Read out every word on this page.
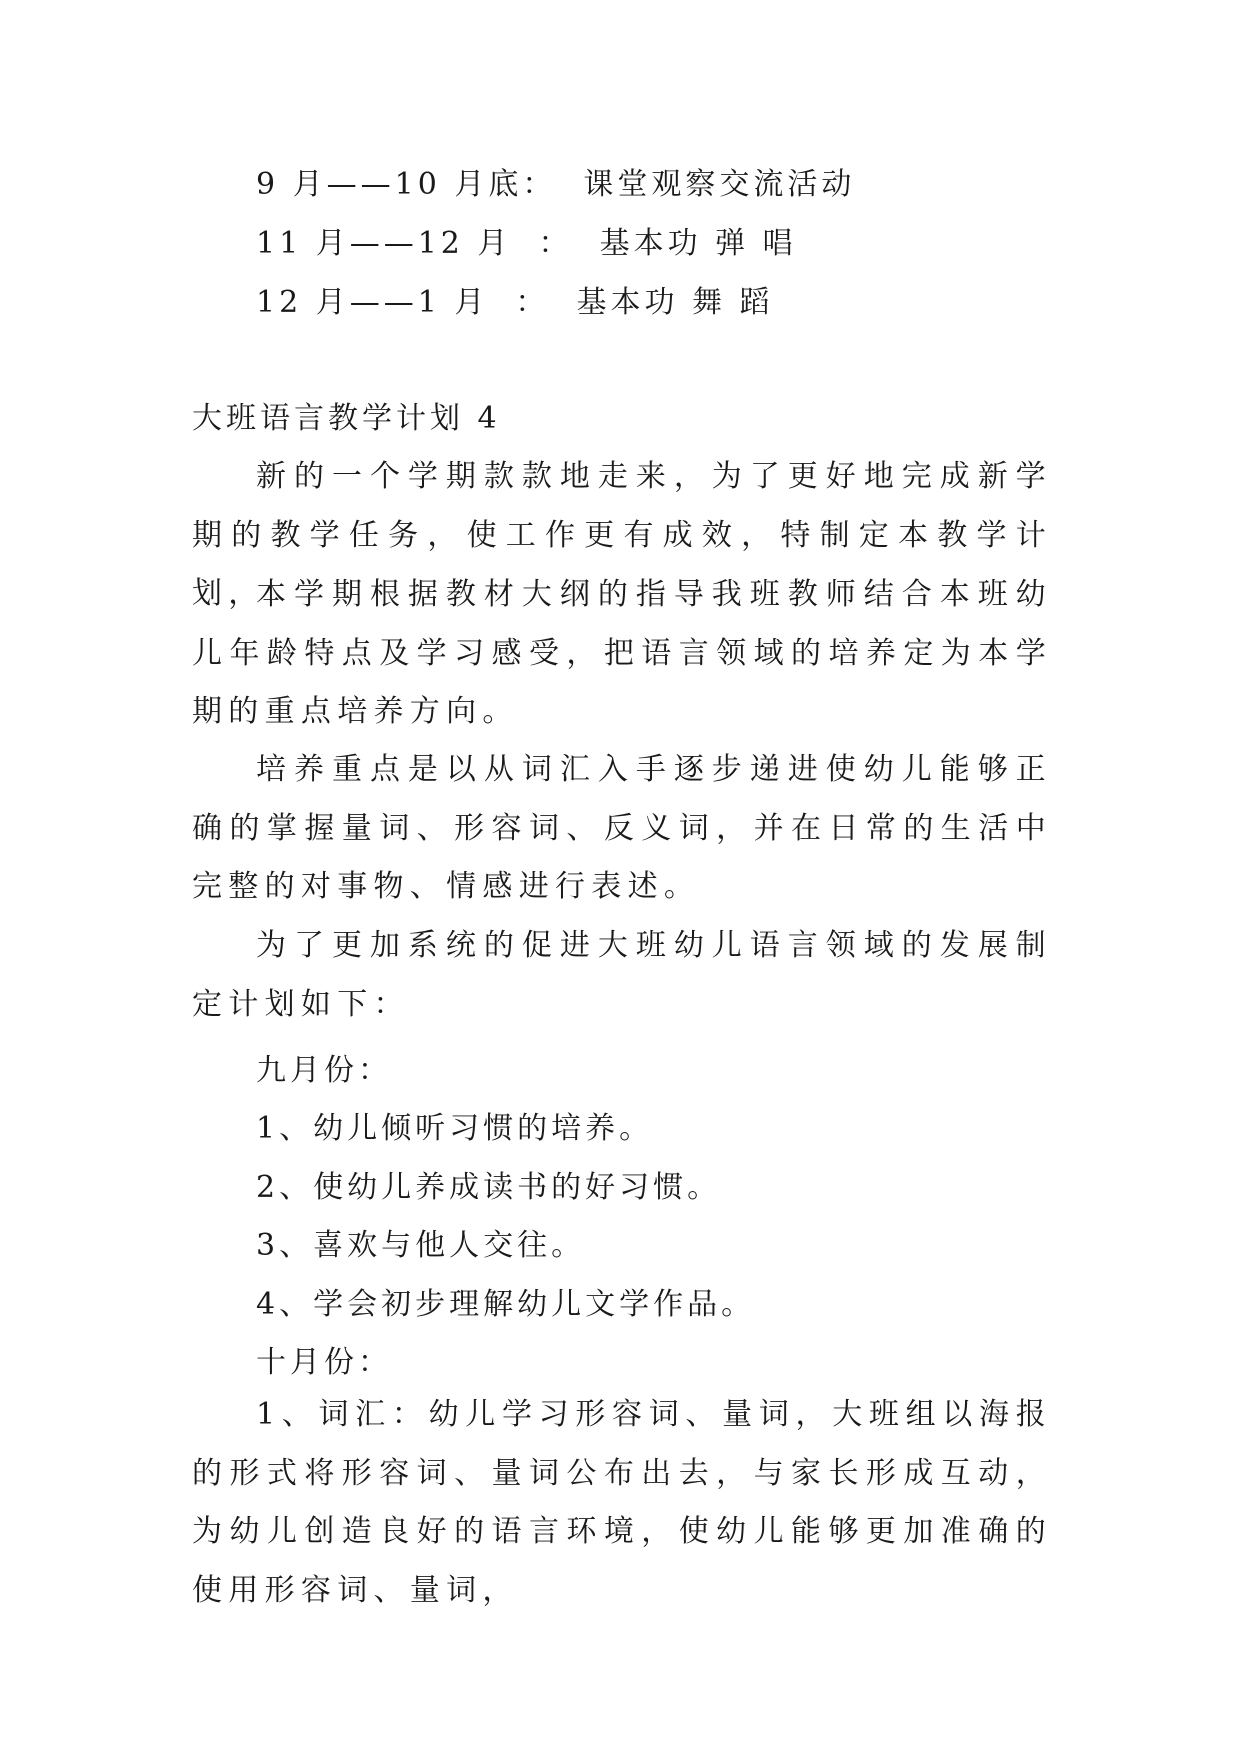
9 月——10 月底：  课堂观察交流活动
11 月——12 月  ：  基本功 弹 唱
12 月——1 月  ：  基本功 舞 蹈
大班语言教学计划 4

新的一个学期款款地走来，为了更好地完成新学期的教学任务，使工作更有成效，特制定本教学计划，

本学期根据教材大纲的指导我班教师结合本班幼儿年龄特点及学习感受，把语言领域的培养定为本学期的重点培养方向。

培养重点是以从词汇入手逐步递进使幼儿能够正确的掌握量词、形容词、反义词，并在日常的生活中完整的对事物、情感进行表述。

为了更加系统的促进大班幼儿语言领域的发展制定计划如下：

九月份：
1、幼儿倾听习惯的培养。
2、使幼儿养成读书的好习惯。
3、喜欢与他人交往。
4、学会初步理解幼儿文学作品。
十月份：

1、词汇：幼儿学习形容词、量词，大班组以海报的形式将形容词、量词公布出去，与家长形成互动，为幼儿创造良好的语言环境，使幼儿能够更加准确的使用形容词、量词，
